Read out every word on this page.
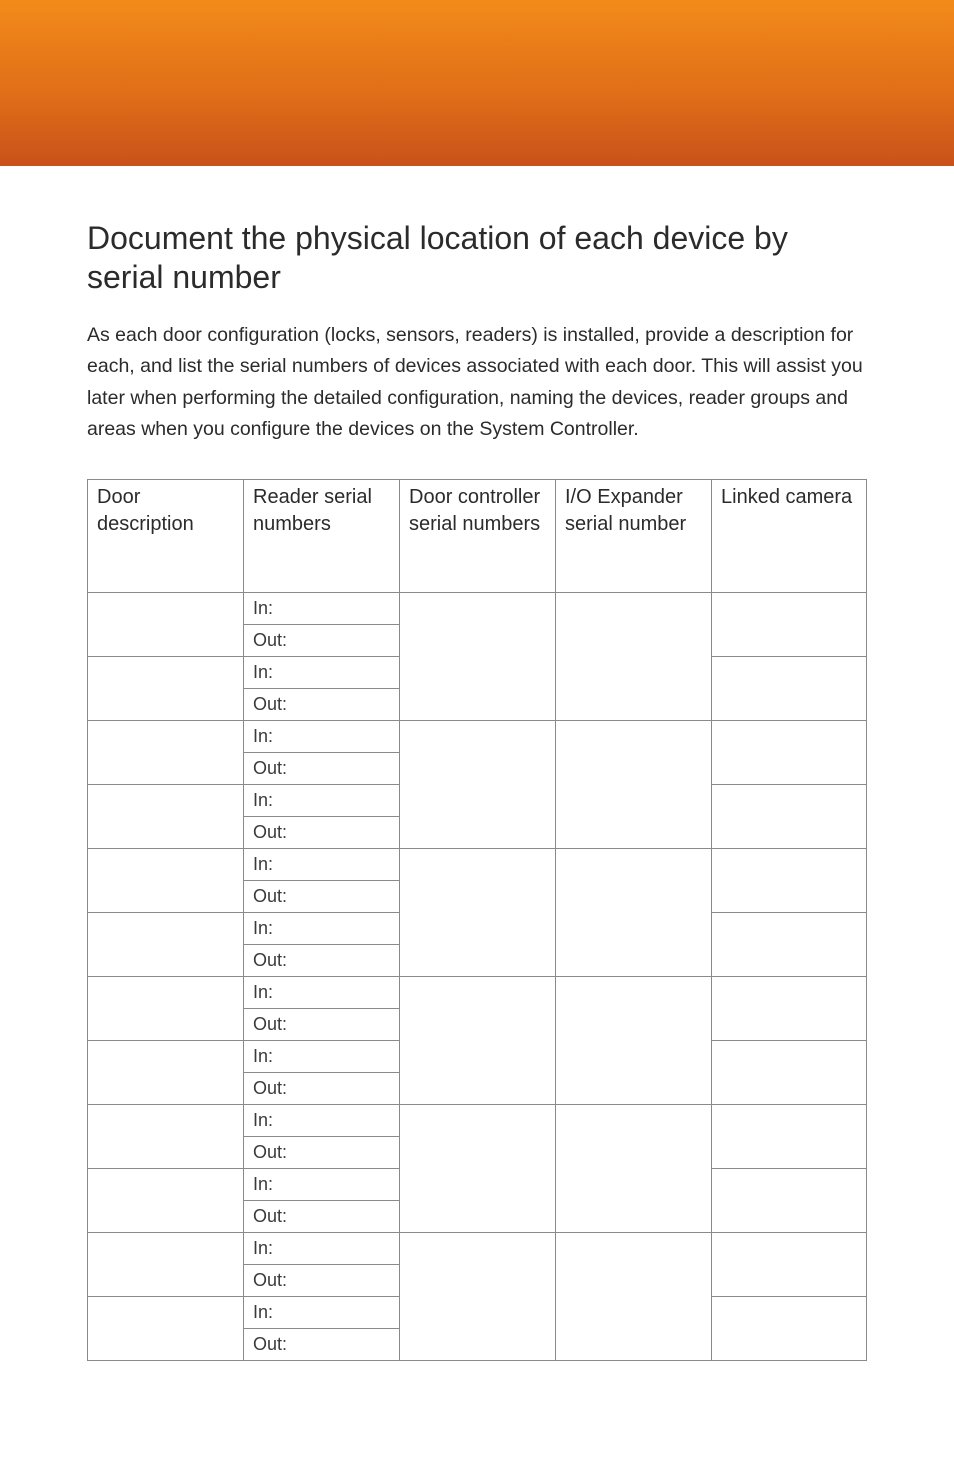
Document the physical location of each device by serial number

As each door configuration (locks, sensors, readers) is installed, provide a description for each, and list the serial numbers of devices associated with each door. This will assist you later when performing the detailed configuration, naming the devices, reader groups and areas when you configure the devices on the System Controller.

Door description	Reader serial numbers	Door controller serial numbers	I/O Expander serial number	Linked camera
	In:			
	Out:			
	In:			
	Out:			
	In:			
	Out:			
	In:			
	Out:			
	In:			
	Out:			
	In:			
	Out:			
	In:			
	Out:			
	In:			
	Out:			
	In:			
	Out:			
	In:			
	Out:			
	In:			
	Out:			
	In:			
	Out:			
